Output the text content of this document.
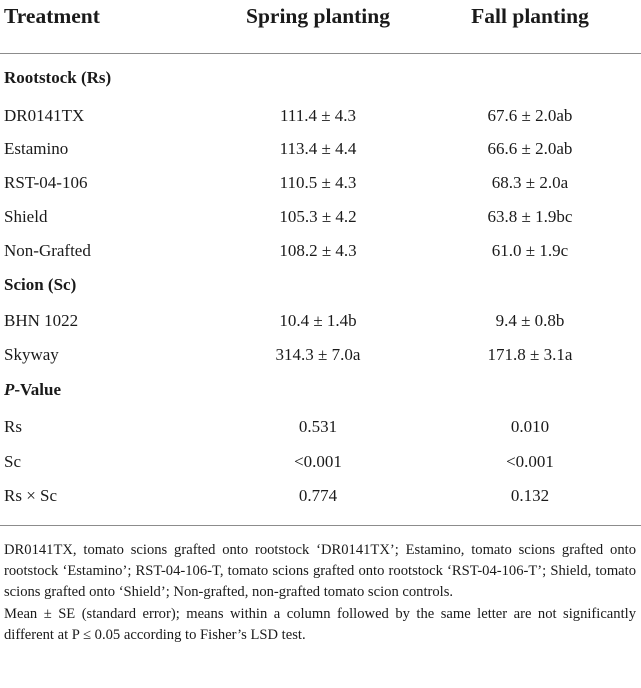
Treatment	Spring planting	Fall planting
Rootstock (Rs)
DR0141TX	111.4 ± 4.3	67.6 ± 2.0ab
Estamino	113.4 ± 4.4	66.6 ± 2.0ab
RST-04-106	110.5 ± 4.3	68.3 ± 2.0a
Shield	105.3 ± 4.2	63.8 ± 1.9bc
Non-Grafted	108.2 ± 4.3	61.0 ± 1.9c
Scion (Sc)
BHN 1022	10.4 ± 1.4b	9.4 ± 0.8b
Skyway	314.3 ± 7.0a	171.8 ± 3.1a
P-Value
Rs	0.531	0.010
Sc	<0.001	<0.001
Rs × Sc	0.774	0.132

DR0141TX, tomato scions grafted onto rootstock ‘DR0141TX’; Estamino, tomato scions grafted onto rootstock ‘Estamino’; RST-04-106-T, tomato scions grafted onto rootstock ‘RST-04-106-T’; Shield, tomato scions grafted onto ‘Shield’; Non-grafted, non-grafted tomato scion controls.

Mean ± SE (standard error); means within a column followed by the same letter are not significantly different at P ≤ 0.05 according to Fisher’s LSD test.
